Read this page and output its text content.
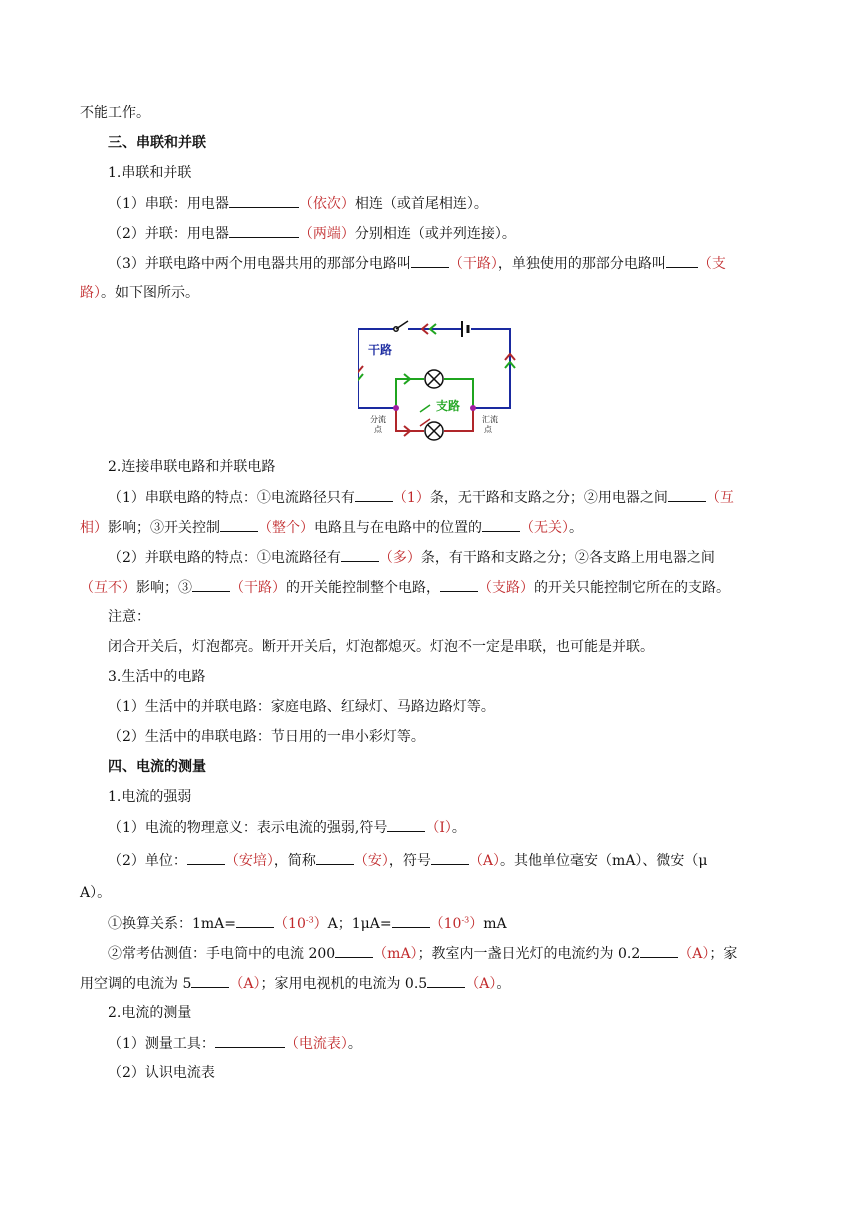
不能工作。
三、串联和并联
1.串联和并联
（1）串联：用电器	（依次）相连（或首尾相连）。
（2）并联：用电器	（两端）分别相连（或并列连接）。
（3）并联电路中两个用电器共用的那部分电路叫	（干路），单独使用的那部分电路叫 （支
路）。如下图所示。
干路
支路
分流
点
汇流
点
2.连接串联电路和并联电路
（1）串联电路的特点：①电流路径只有	（1）条，无干路和支路之分；②用电器之间	（互
相）影响；③开关控制	（整个）电路且与在电路中的位置的	（无关）。
（2）并联电路的特点：①电流路径有	（多）条，有干路和支路之分；②各支路上用电器之间
（互不）影响；③	（干路）的开关能控制整个电路，	（支路）的开关只能控制它所在的支路。
注意：
闭合开关后，灯泡都亮。断开开关后，灯泡都熄灭。灯泡不一定是串联，也可能是并联。
3.生活中的电路
（1）生活中的并联电路：家庭电路、红绿灯、马路边路灯等。
（2）生活中的串联电路：节日用的一串小彩灯等。
四、电流的测量
1.电流的强弱
（1）电流的物理意义：表示电流的强弱,符号	（I）。
（2）单位：	（安培），简称	（安），符号	（A）。其他单位毫安（mA）、微安（μ
A）。
①换算关系：1mA=	$(10^{-3})A$；1μA=	$(10^{-3})mA$
②常考估测值：手电筒中的电流 200	（mA）；教室内一盏日光灯的电流约为 0.2	（A）；家
用空调的电流为 5	（A）；家用电视机的电流为 0.5	（A）。
2.电流的测量
（1）测量工具：	（电流表）。
（2）认识电流表
